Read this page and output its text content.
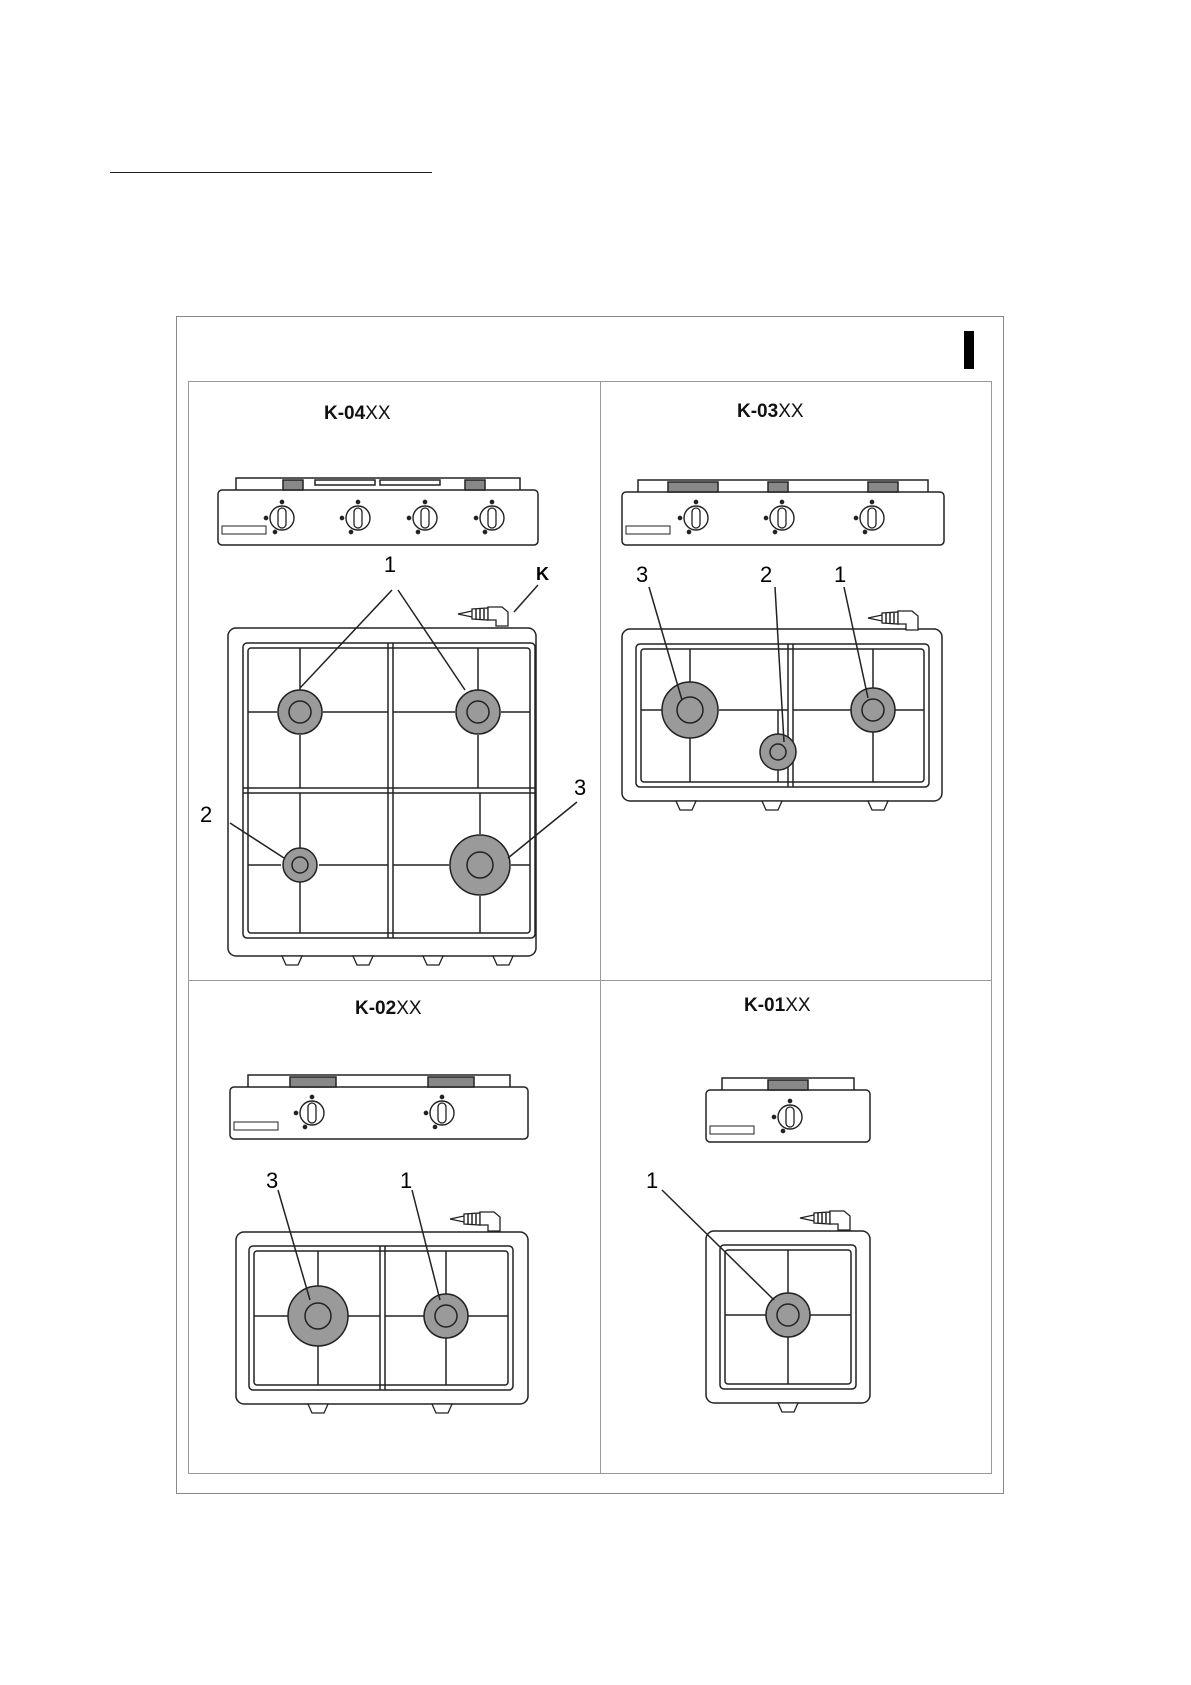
K-04XX	K-03XX
K-02XX	K-01XX
1	K
2
3
3	2	1
3	1	1
